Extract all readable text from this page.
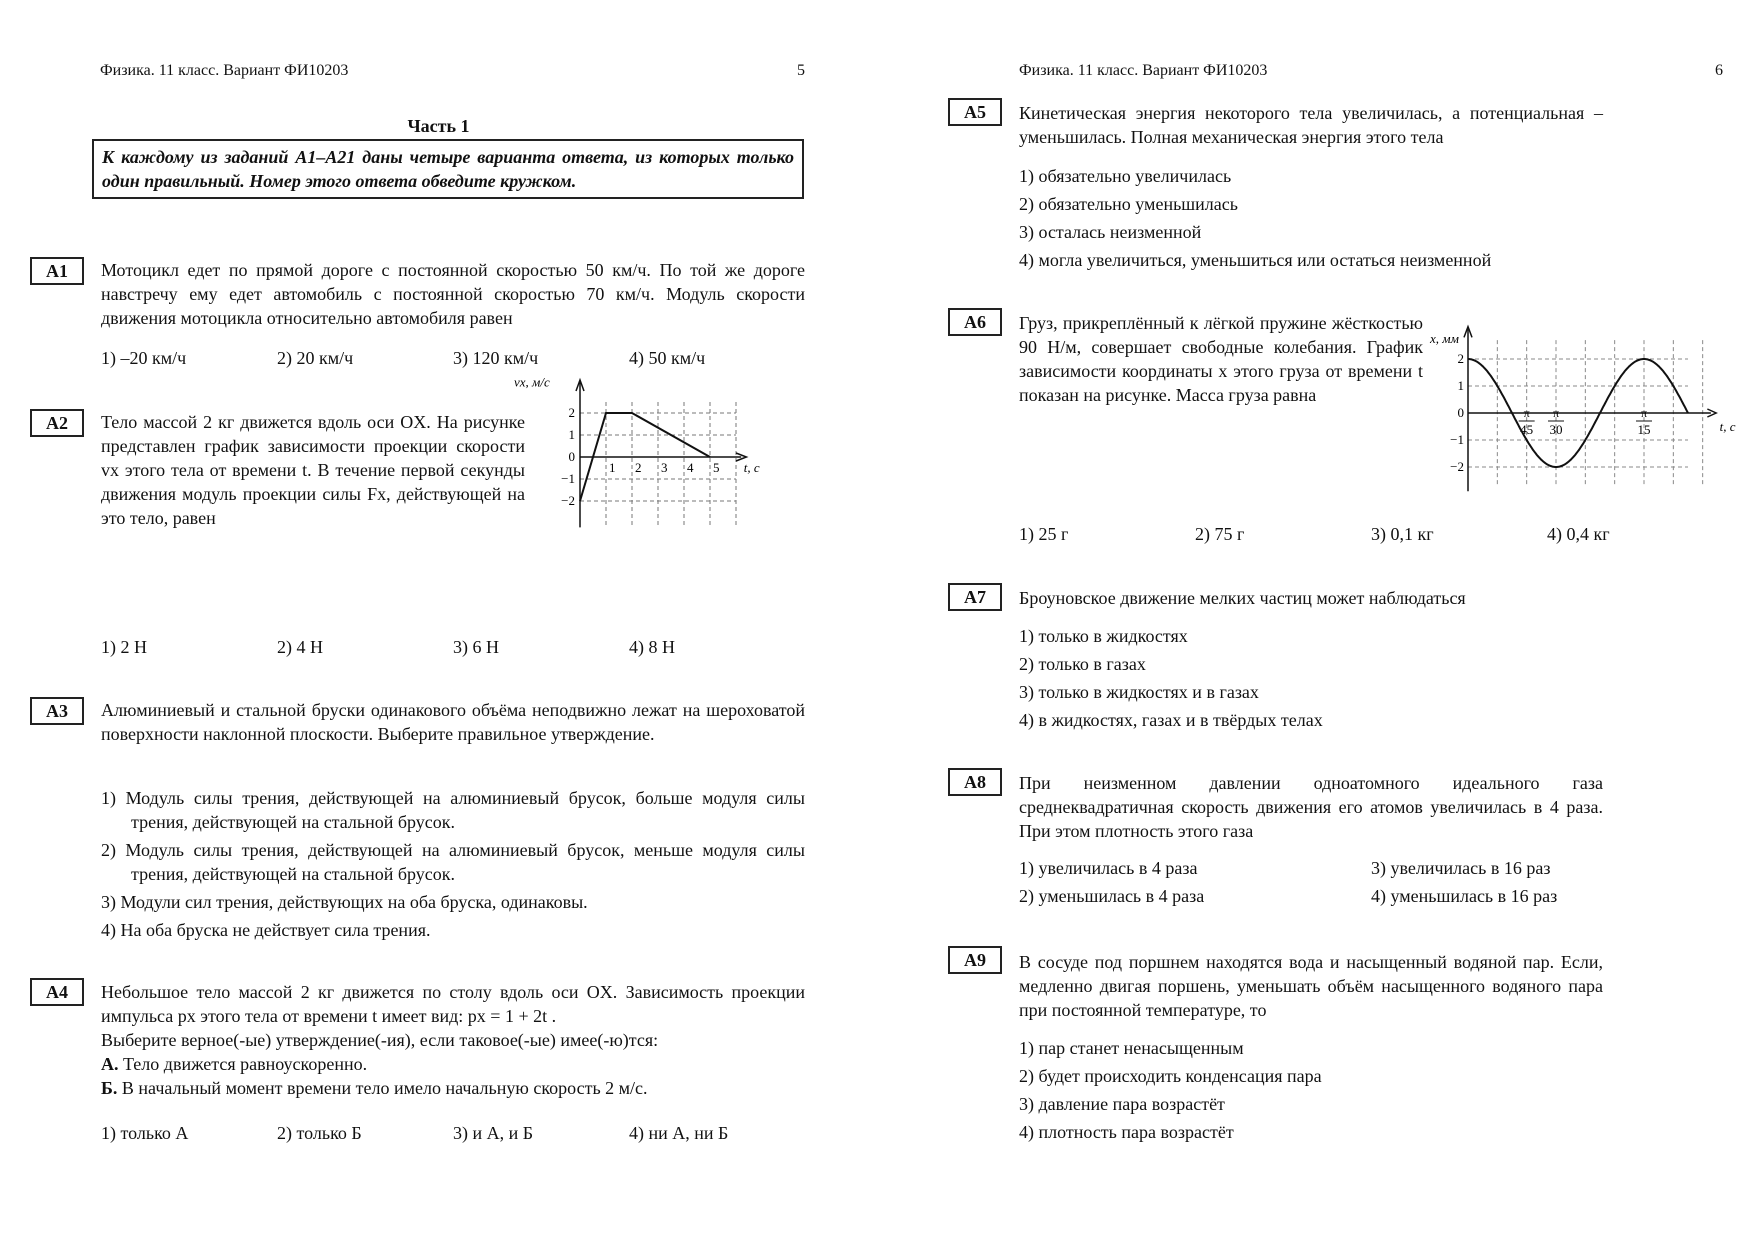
Физика. 11 класс. Вариант ФИ10203	5
Часть 1
К каждому из заданий А1–А21 даны четыре варианта ответа, из которых только один правильный. Номер этого ответа обведите кружком.
А1	Мотоцикл едет по прямой дороге с постоянной скоростью 50 км/ч. По той же дороге навстречу ему едет автомобиль с постоянной скоростью 70 км/ч. Модуль скорости движения мотоцикла относительно автомобиля равен
1) –20 км/ч	2) 20 км/ч	3) 120 км/ч	4) 50 км/ч
А2	Тело массой 2 кг движется вдоль оси OX. На рисунке представлен график зависимости проекции скорости vx этого тела от времени t. В течение первой секунды движения модуль проекции силы Fx, действующей на это тело, равен
1 2 3 4 5
2
1
0
−1
−2
vx, м/с
t, с
1) 2 Н	2) 4 Н	3) 6 Н	4) 8 Н
А3	Алюминиевый и стальной бруски одинакового объёма неподвижно лежат на шероховатой поверхности наклонной плоскости. Выберите правильное утверждение.
1) Модуль силы трения, действующей на алюминиевый брусок, больше модуля силы трения, действующей на стальной брусок.
2) Модуль силы трения, действующей на алюминиевый брусок, меньше модуля силы трения, действующей на стальной брусок.
3) Модули сил трения, действующих на оба бруска, одинаковы.
4) На оба бруска не действует сила трения.
А4	Небольшое тело массой 2 кг движется по столу вдоль оси OX. Зависимость проекции импульса px этого тела от времени t имеет вид: px = 1 + 2t .
Выберите верное(-ые) утверждение(-ия), если таковое(-ые) имее(-ю)тся:
А. Тело движется равноускоренно.
Б. В начальный момент времени тело имело начальную скорость 2 м/с.
1) только А	2) только Б	3) и А, и Б	4) ни А, ни Б
Физика. 11 класс. Вариант ФИ10203	6
А5	Кинетическая энергия некоторого тела увеличилась, а потенциальная – уменьшилась. Полная механическая энергия этого тела
1) обязательно увеличилась
2) обязательно уменьшилась
3) осталась неизменной
4) могла увеличиться, уменьшиться или остаться неизменной
А6	Груз, прикреплённый к лёгкой пружине жёсткостью 90 Н/м, совершает свободные колебания. График зависимости координаты x этого груза от времени t показан на рисунке. Масса груза равна
π
45
π
30
π
15
2
1
0
−1
−2
x, мм
t, с
1) 25 г	2) 75 г	3) 0,1 кг	4) 0,4 кг
А7	Броуновское движение мелких частиц может наблюдаться
1) только в жидкостях
2) только в газах
3) только в жидкостях и в газах
4) в жидкостях, газах и в твёрдых телах
А8	При неизменном давлении одноатомного идеального газа среднеквадратичная скорость движения его атомов увеличилась в 4 раза. При этом плотность этого газа
1) увеличилась в 4 раза
2) уменьшилась в 4 раза
3) увеличилась в 16 раз
4) уменьшилась в 16 раз
А9	В сосуде под поршнем находятся вода и насыщенный водяной пар. Если, медленно двигая поршень, уменьшать объём насыщенного водяного пара при постоянной температуре, то
1) пар станет ненасыщенным
2) будет происходить конденсация пара
3) давление пара возрастёт
4) плотность пара возрастёт
